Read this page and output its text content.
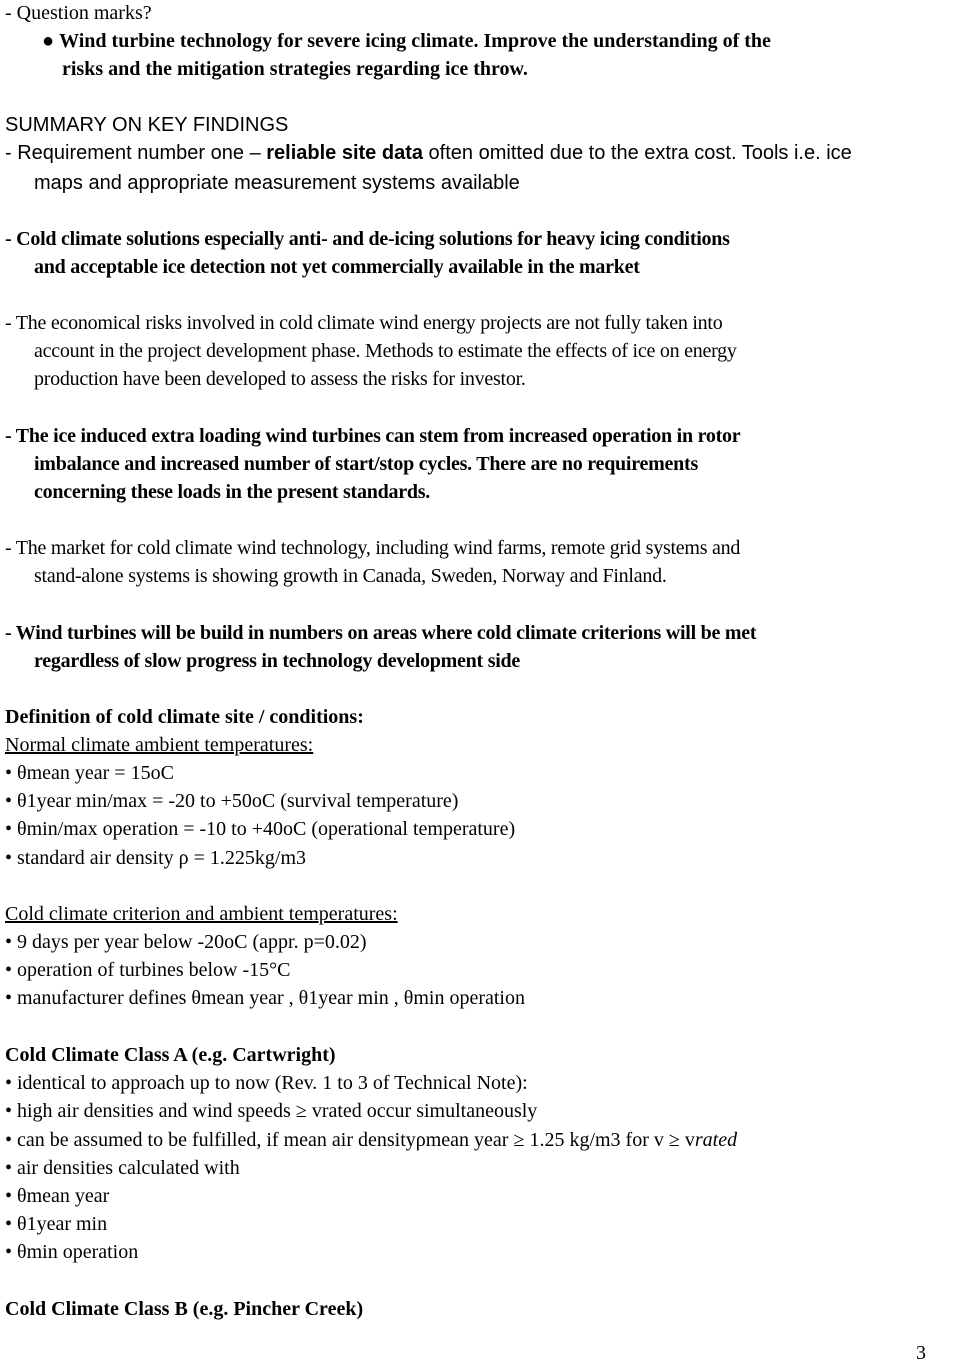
- Question marks?
● Wind turbine technology for severe icing climate. Improve the understanding of the
risks and the mitigation strategies regarding ice throw.
SUMMARY ON KEY FINDINGS
- Requirement number one – reliable site data often omitted due to the extra cost. Tools i.e. ice
maps and appropriate measurement systems available
- Cold climate solutions especially anti- and de-icing solutions for heavy icing conditions
and acceptable ice detection not yet commercially available in the market
- The economical risks involved in cold climate wind energy projects are not fully taken into
account in the project development phase. Methods to estimate the effects of ice on energy
production have been developed to assess the risks for investor.
- The ice induced extra loading wind turbines can stem from increased operation in rotor
imbalance and increased number of start/stop cycles. There are no requirements
concerning these loads in the present standards.
- The market for cold climate wind technology, including wind farms, remote grid systems and
stand-alone systems is showing growth in Canada, Sweden, Norway and Finland.
- Wind turbines will be build in numbers on areas where cold climate criterions will be met
regardless of slow progress in technology development side
Definition of cold climate site / conditions:
Normal climate ambient temperatures:
• θmean year = 15oC
• θ1year min/max = -20 to +50oC (survival temperature)
• θmin/max operation = -10 to +40oC (operational temperature)
• standard air density ρ = 1.225kg/m3
Cold climate criterion and ambient temperatures:
• 9 days per year below -20oC (appr. p=0.02)
• operation of turbines below -15°C
• manufacturer defines θmean year , θ1year min , θmin operation
Cold Climate Class A (e.g. Cartwright)
• identical to approach up to now (Rev. 1 to 3 of Technical Note):
• high air densities and wind speeds ≥ vrated occur simultaneously
• can be assumed to be fulfilled, if mean air densityρmean year ≥ 1.25 kg/m3 for v ≥ vrated
• air densities calculated with
• θmean year
• θ1year min
• θmin operation
Cold Climate Class B (e.g. Pincher Creek)
3
